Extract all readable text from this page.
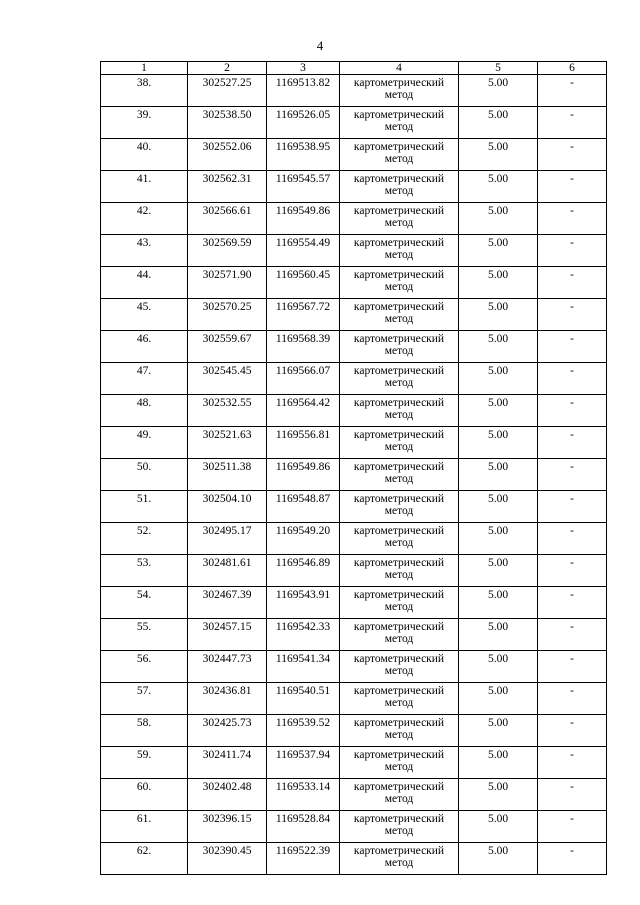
4
1	2	3	4	5	6
38.	302527.25	1169513.82	картометрический метод	5.00	-
39.	302538.50	1169526.05	картометрический метод	5.00	-
40.	302552.06	1169538.95	картометрический метод	5.00	-
41.	302562.31	1169545.57	картометрический метод	5.00	-
42.	302566.61	1169549.86	картометрический метод	5.00	-
43.	302569.59	1169554.49	картометрический метод	5.00	-
44.	302571.90	1169560.45	картометрический метод	5.00	-
45.	302570.25	1169567.72	картометрический метод	5.00	-
46.	302559.67	1169568.39	картометрический метод	5.00	-
47.	302545.45	1169566.07	картометрический метод	5.00	-
48.	302532.55	1169564.42	картометрический метод	5.00	-
49.	302521.63	1169556.81	картометрический метод	5.00	-
50.	302511.38	1169549.86	картометрический метод	5.00	-
51.	302504.10	1169548.87	картометрический метод	5.00	-
52.	302495.17	1169549.20	картометрический метод	5.00	-
53.	302481.61	1169546.89	картометрический метод	5.00	-
54.	302467.39	1169543.91	картометрический метод	5.00	-
55.	302457.15	1169542.33	картометрический метод	5.00	-
56.	302447.73	1169541.34	картометрический метод	5.00	-
57.	302436.81	1169540.51	картометрический метод	5.00	-
58.	302425.73	1169539.52	картометрический метод	5.00	-
59.	302411.74	1169537.94	картометрический метод	5.00	-
60.	302402.48	1169533.14	картометрический метод	5.00	-
61.	302396.15	1169528.84	картометрический метод	5.00	-
62.	302390.45	1169522.39	картометрический метод	5.00	-
